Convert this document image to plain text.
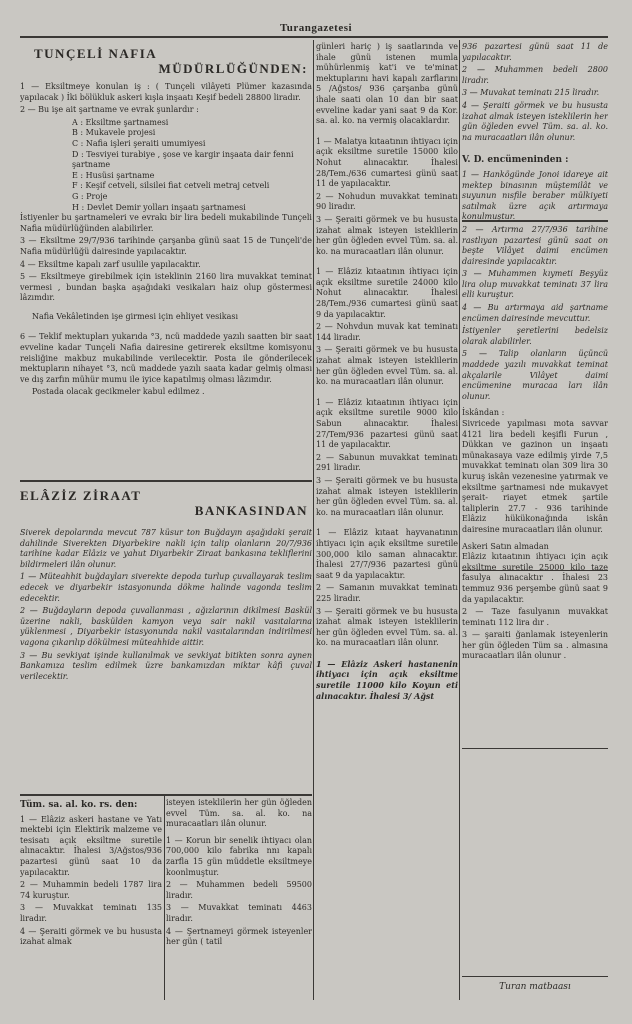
Turangazetesi
TUNÇELİ NAFIA
MÜDÜRLÜĞÜNDEN:

1 — Eksiltmeye konulan iş : ( Tunçeli vilâyeti Plümer kazasında yapılacak ) İki bölükluk askeri kışla inşaatı Keşif bedeli 28800 liradır.

2 — Bu işe ait şartname ve evrak şunlardır :

A : Eksiltme şartnamesi
B : Mukavele projesi
C : Nafia işleri şeraiti umumiyesi
D : Tesviyei turabiye , şose ve kargir inşaata dair fenni şartname
E : Husüsi şartname
F : Keşif cetveli, silsilei fiat cetveli metraj cetveli
G : Proje
H : Devlet Demir yolları inşaatı şartnamesi

İstiyenler bu şartnameleri ve evrakı bir lira bedeli mukabilinde Tunçeli Nafia müdürlüğünden alabilirler.

3 — Eksiltme 29/7/936 tarihinde çarşanba günü saat 15 de Tunçeli'de Nafia müdürlüğü dairesinde yapılacaktır.

4 — Eksiltme kapalı zarf usulile yapılacaktır.

5 — Eksiltmeye girebilmek için isteklinin 2160 lira muvakkat teminat vermesi , bundan başka aşağıdaki vesikaları haiz olup göstermesi lâzımdır.

Nafia Vekâletinden işe girmesi için ehliyet vesikası

6 — Teklif mektupları yukarıda °3, ncü maddede yazılı saatten bir saat evveline kadar Tunçeli Nafia dairesine getirerek eksiltme komisyonu reisliğine makbuz mukabilinde verilecektir. Posta ile gönderilecek mektupların nihayet °3, ncü maddede yazılı saata kadar gelmiş olması ve dış zarfın mühür mumu ile iyice kapatılmış olması lâzımdır.

Postada olacak gecikmeler kabul edilmez .

ELÂZİZ ZİRAAT
BANKASINDAN

Siverek depolarında mevcut 787 küsur ton Buğdayın aşağıdaki şerait dahilinde Siverekten Diyarbekire nakli için talip olanların 20/7/936 tarihine kadar Elâziz ve yahut Diyarbekir Ziraat bankasına tekliflerini bildirmeleri ilân olunur.

1 — Müteahhit buğdayları siverekte depoda turlup çuvallayarak teslim edecek ve diyarbekir istasyonunda dökme halinde vagonda teslim edecektir.

2 — Buğdayların depoda çuvallanması , ağızlarının dikilmesi Baskül üzerine nakli, baskülden kamyon veya sair nakil vasıtalarına yüklenmesi , Diyarbekir istasyonunda nakil vasıtalarından indirilmesi vagona çıkarılıp dökülmesi müteahhide aittir.

3 — Bu sevkiyat işinde kullanılmak ve sevkiyat bitikten sonra aynen Bankamıza teslim edilmek üzre bankamızdan miktar kâfi çuval verilecektir.

Tüm. sa. al. ko. rs. den:

1 — Elâziz askeri hastane ve Yatı mektebi için Elektirik malzeme ve tesisatı açık eksiltme suretile alınacaktır. İhalesi 3/Ağstos/936 pazartesi günü saat 10 da yapılacaktır.

2 — Muhammin bedeli 1787 lira 74 kuruştur.

3 — Muvakkat teminatı 135 liradır.

4 — Şeraiti görmek ve bu hususta izahat almak

isteyen isteklilerin her gün öğleden evvel Tüm. sa. al. ko. na muracaatları ilân olunur.

1 — Korun bir senelik ihtiyacı olan 700,000 kilo fabrika nnı kapalı zarfla 15 gün müddetle eksiltmeye koonlmuştur.

2 — Muhammen bedeli 59500 liradır.

3 — Muvakkat teminatı 4463 liradır.

4 — Şertnameyi görmek isteyenler her gün ( tatil

günleri hariç ) iş saatlarında ve ihale günü istenen mumla mühürlenmiş kat'i ve te'minat mektuplarını havi kapalı zarflarını 5 /Ağstos/ 936 çarşanba günü ihale saati olan 10 dan bir saat evveline kadar yani saat 9 da Kor. sa. al. ko. na vermiş olacaklardır.

1 — Malatya kıtaatının ihtiyacı için açık eksiltme suretile 15000 kilo Nohut alınacaktır. İhalesi 28/Tem./636 cumartesi günü saat 11 de yapılacaktır.

2 — Nohudun muvakkat teminatı 90 liradır.

3 — Şeraiti görmek ve bu hususta izahat almak isteyen isteklilerin her gün öğleden evvel Tüm. sa. al. ko. na muracaatları ilân olunur.

1 — Elâziz kıtaatının ihtiyacı için açık eksiltme suretile 24000 kilo Nohut alınacaktır. İhalesi 28/Tem./936 cumartesi günü saat 9 da yapılacaktır.

2 — Nohvdun muvak kat teminatı 144 liradır.

3 — Şeraiti görmek ve bu hususta izahat almak isteyen isteklilerin her gün öğleden evvel Tüm. sa. al. ko. na muracaatları ilân olunur.

1 — Elâziz kıtaatının ihtiyacı için açık eksiltme suretile 9000 kilo Sabun alınacaktır. İhalesi 27/Tem/936 pazartesi günü saat 11 de yapılacaktır.

2 — Sabunun muvakkat teminatı 291 liradır.

3 — Şeraiti görmek ve bu hususta izahat almak isteyen isteklilerin her gün öğleden evvel Tüm. sa. al. ko. na muracaatları ilân olunur.

1 — Elâziz kıtaat hayvanatının ihtiyacı için açık eksiltme suretile 300,000 kilo saman alınacaktır. İhalesi 27/7/936 pazartesi günü saat 9 da yapılacaktır.

2 — Samanın muvakkat teminatı 225 liradır.

3 — Şeraiti görmek ve bu hususta izahat almak isteyen isteklilerin her gün öğleden evvel Tüm. sa. al. ko. na muracaatları ilân olunr.

1 — Elâziz Askeri hastanenin ihtiyacı için açık eksiltme suretile 11000 kilo Koyun eti alınacaktır. İhalesi 3/ Ağst

936 pazartesi günü saat 11 de yapılacaktır.

2 — Muhammen bedeli 2800 liradır.

3 — Muvakat teminatı 215 liradır.

4 — Şeraiti görmek ve bu hususta izahat almak isteyen isteklilerin her gün öğleden evvel Tüm. sa. al. ko. na muracaatları ilân olunur.

V. D. encümeninden :

1 — Hankögünde Jonoi idareye ait mektep binasının müştemilât ve suyunun nısfile beraber mülkiyeti satılmak üzre açık artırmaya konulmuştur.

2 — Artırma 27/7/936 tarihine rastlıyan pazartesi günü saat on beşte Vilâyet daimi encümen dairesinde yapılacaktır.

3 — Muhammen kıymeti Beşyüz lira olup muvakkat teminatı 37 lira elli kuruştur.

4 — Bu artırmaya aid şartname encümen dairesinde mevcuttur.

İstiyenler şeretlerini bedelsiz olarak alabilirler.

5 — Talip olanların üçüncü maddede yazılı muvakkat teminat akçalarile Vilâyet daimi encümenine muracaa ları ilân olunur.

İskândan :

Sivricede yapılması mota savvar 4121 lira bedeli keşifli Furun , Dükkan ve gazinon un inşaatı münakasaya vaze edilmiş yirde 7,5 muvakkat teminatı olan 309 lira 30 kuruş iskân vezenesine yatırmak ve eksiltme şartnamesi nde mukavyet şerait- riayet etmek şartile taliplerin 27.7 - 936 tarihinde Elâziz hükükonağında iskân dairesine muracaatları ilân olunur.

Askeri Satın almadan

Elâziz kıtaatının ihtiyacı için açık eksiltme suretile 25000 kilo taze fasulya alınacaktır . İhalesi 23 temmuz 936 perşembe günü saat 9 da yapılacaktır.

2 — Taze fasulyanın muvakkat teminatı 112 lira dır .

3 — şaraiti ğanlamak isteyenlerin her gün öğleden Tüm sa . almasına muracaatları ilân olunur .

Turan matbaası
